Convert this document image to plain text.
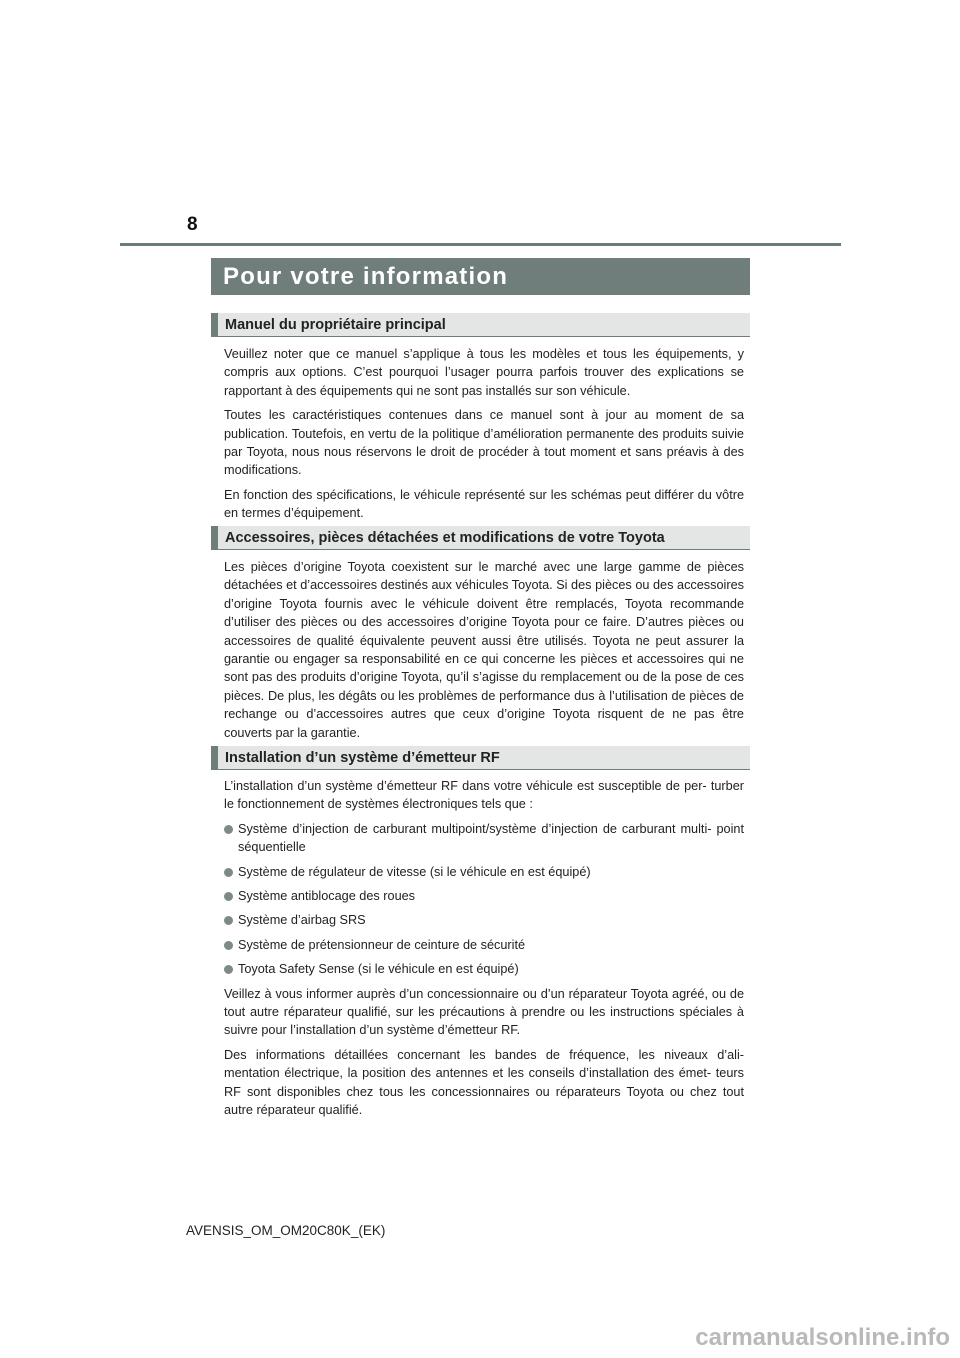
8
Pour votre information
Manuel du propriétaire principal

Veuillez noter que ce manuel s’applique à tous les modèles et tous les équipements, y compris aux options. C’est pourquoi l’usager pourra parfois trouver des explications se rapportant à des équipements qui ne sont pas installés sur son véhicule.

Toutes les caractéristiques contenues dans ce manuel sont à jour au moment de sa publication. Toutefois, en vertu de la politique d’amélioration permanente des produits suivie par Toyota, nous nous réservons le droit de procéder à tout moment et sans préavis à des modifications.

En fonction des spécifications, le véhicule représenté sur les schémas peut différer du vôtre en termes d’équipement.

Accessoires, pièces détachées et modifications de votre Toyota

Les pièces d’origine Toyota coexistent sur le marché avec une large gamme de pièces détachées et d’accessoires destinés aux véhicules Toyota. Si des pièces ou des accessoires d’origine Toyota fournis avec le véhicule doivent être remplacés, Toyota recommande d’utiliser des pièces ou des accessoires d’origine Toyota pour ce faire. D’autres pièces ou accessoires de qualité équivalente peuvent aussi être utilisés. Toyota ne peut assurer la garantie ou engager sa responsabilité en ce qui concerne les pièces et accessoires qui ne sont pas des produits d’origine Toyota, qu’il s’agisse du remplacement ou de la pose de ces pièces. De plus, les dégâts ou les problèmes de performance dus à l’utilisation de pièces de rechange ou d’accessoires autres que ceux d’origine Toyota risquent de ne pas être couverts par la garantie.

Installation d’un système d’émetteur RF

L’installation d’un système d’émetteur RF dans votre véhicule est susceptible de per- turber le fonctionnement de systèmes électroniques tels que :

Système d’injection de carburant multipoint/système d’injection de carburant multi- point séquentielle
Système de régulateur de vitesse (si le véhicule en est équipé)
Système antiblocage des roues
Système d’airbag SRS
Système de prétensionneur de ceinture de sécurité
Toyota Safety Sense (si le véhicule en est équipé)

Veillez à vous informer auprès d’un concessionnaire ou d’un réparateur Toyota agréé, ou de tout autre réparateur qualifié, sur les précautions à prendre ou les instructions spéciales à suivre pour l’installation d’un système d’émetteur RF.

Des informations détaillées concernant les bandes de fréquence, les niveaux d’ali- mentation électrique, la position des antennes et les conseils d’installation des émet- teurs RF sont disponibles chez tous les concessionnaires ou réparateurs Toyota ou chez tout autre réparateur qualifié.

AVENSIS_OM_OM20C80K_(EK)
carmanualsonline.info
